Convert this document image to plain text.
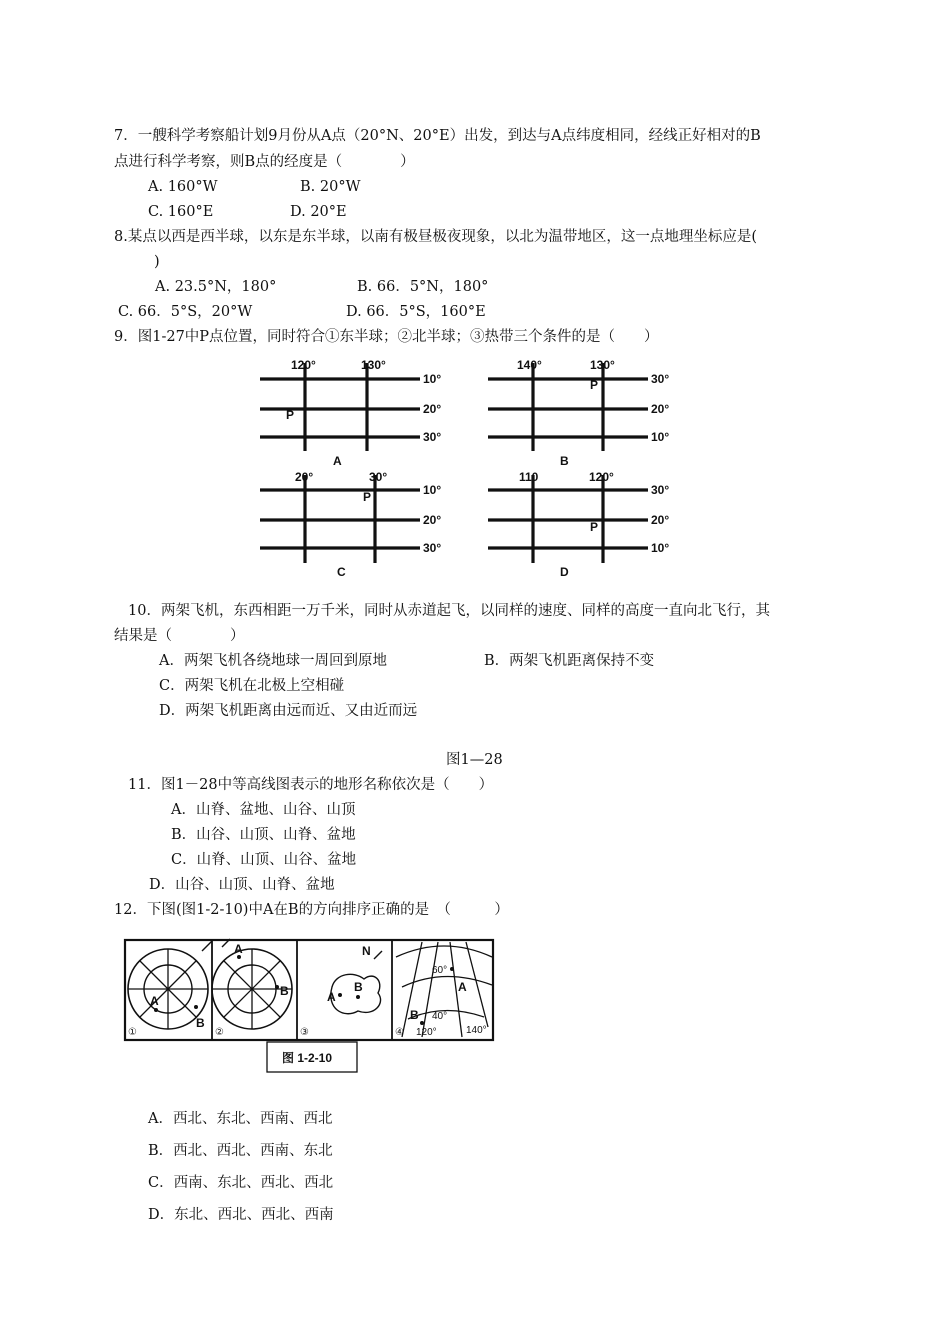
7．一艘科学考察船计划9月份从A点（20°N、20°E）出发，到达与A点纬度相同，经线正好相对的B
点进行科学考察，则B点的经度是（　　　　）
A. 160°W	B. 20°W
C. 160°E	D. 20°E
8.某点以西是西半球，以东是东半球，以南有极昼极夜现象，以北为温带地区，这一点地理坐标应是(
)
A. 23.5°N，180°	B. 66．5°N，180°
C. 66．5°S，20°W	D. 66．5°S，160°E
9．图1-27中P点位置，同时符合①东半球；②北半球；③热带三个条件的是（　　）
120°	130°
10°
20°
30°
P
A
140°	130°
30°
20°
10°
P
B
20°	30°
10°
20°
30°
P
C
110	120°
30°
20°
10°
P
D
10．两架飞机，东西相距一万千米，同时从赤道起飞，以同样的速度、同样的高度一直向北飞行，其
结果是（　　　　）
A．两架飞机各绕地球一周回到原地	B．两架飞机距离保持不变
C．两架飞机在北极上空相碰
D．两架飞机距离由远而近、又由近而远
图1—28
11．图1－28中等高线图表示的地形名称依次是（　　）
A．山脊、盆地、山谷、山顶
B．山谷、山顶、山脊、盆地
C．山脊、山顶、山谷、盆地
D．山谷、山顶、山脊、盆地
12．下图(图1-2-10)中A在B的方向排序正确的是　（　　　）
A
B
A
B	A
B
N
A
B
①	②	③	④
60°
40°
120°	140°
图 1-2-10
A．西北、东北、西南、西北
B．西北、西北、西南、东北
C．西南、东北、西北、西北
D．东北、西北、西北、西南
